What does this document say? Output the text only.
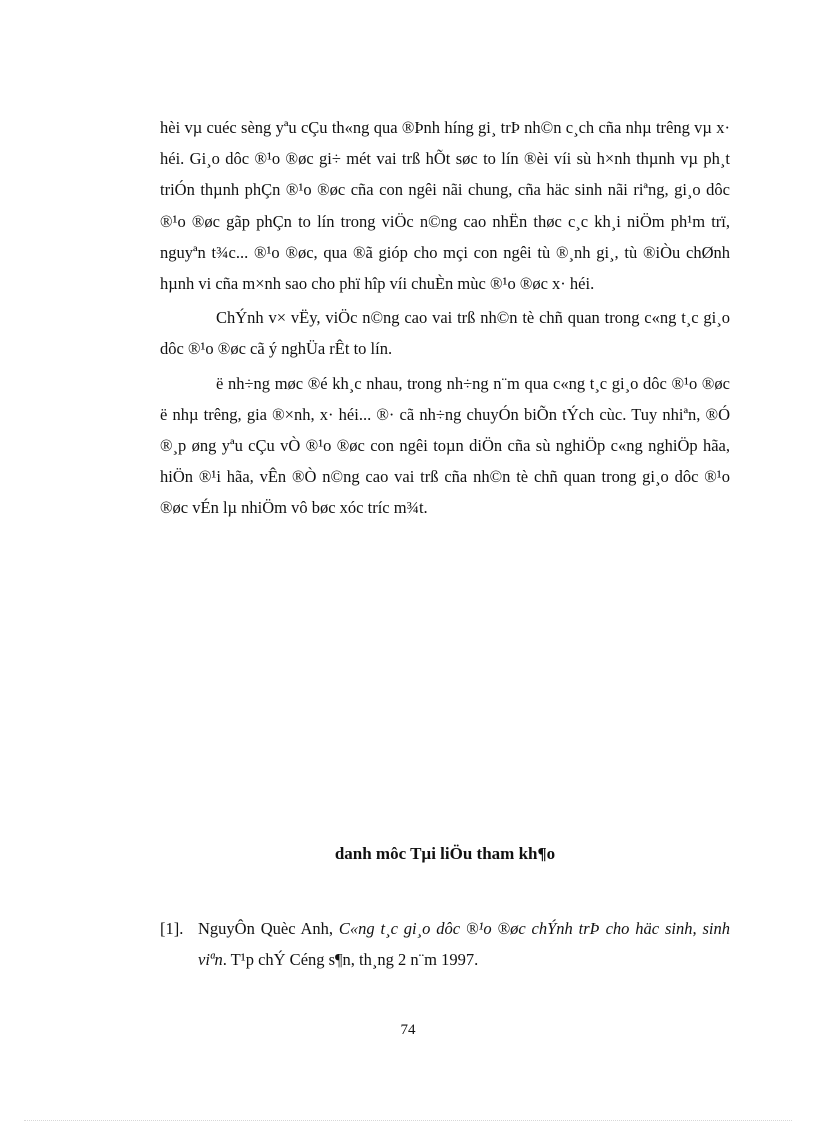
hèi vµ cuéc sèng yªu cÇu th«ng qua ®Þnh híng gi¸ trÞ nh©n c¸ch cña nhµ trêng vµ x· héi. Gi¸o dôc ®¹o ®øc gi÷ mét vai trß hÕt søc to lín ®èi víi sù h×nh thµnh vµ ph¸t triÓn thµnh phÇn ®¹o ®øc cña con ngêi nãi chung, cña häc sinh nãi riªng, gi¸o dôc ®¹o ®øc gãp phÇn to lín trong viÖc n©ng cao nhËn thøc c¸c kh¸i niÖm ph¹m trï, nguyªn t¾c... ®¹o ®øc, qua ®ã gióp cho mçi con ngêi tù ®¸nh gi¸, tù ®iÒu chØnh hµnh vi cña m×nh sao cho phï hîp víi chuÈn mùc ®¹o ®øc x· héi.

ChÝnh v× vËy, viÖc n©ng cao vai trß nh©n tè chñ quan trong c«ng t¸c gi¸o dôc ®¹o ®øc cã ý nghÜa rÊt to lín.

ë nh÷ng møc ®é kh¸c nhau, trong nh÷ng n¨m qua c«ng t¸c gi¸o dôc ®¹o ®øc ë nhµ trêng, gia ®×nh, x· héi... ®· cã nh÷ng chuyÓn biÕn tÝch cùc. Tuy nhiªn, ®Ó ®¸p øng yªu cÇu vÒ ®¹o ®øc con ngêi toµn diÖn cña sù nghiÖp c«ng nghiÖp hãa, hiÖn ®¹i hãa, vÊn ®Ò n©ng cao vai trß cña nh©n tè chñ quan trong gi¸o dôc ®¹o ®øc vÉn lµ nhiÖm vô bøc xóc tríc m¾t.

danh môc Tµi liÖu tham kh¶o
[1]. NguyÔn Quèc Anh, C«ng t¸c gi¸o dôc ®¹o ®øc chÝnh trÞ cho häc sinh, sinh viªn. T¹p chÝ Céng s¶n, th¸ng 2 n¨m 1997.
74
